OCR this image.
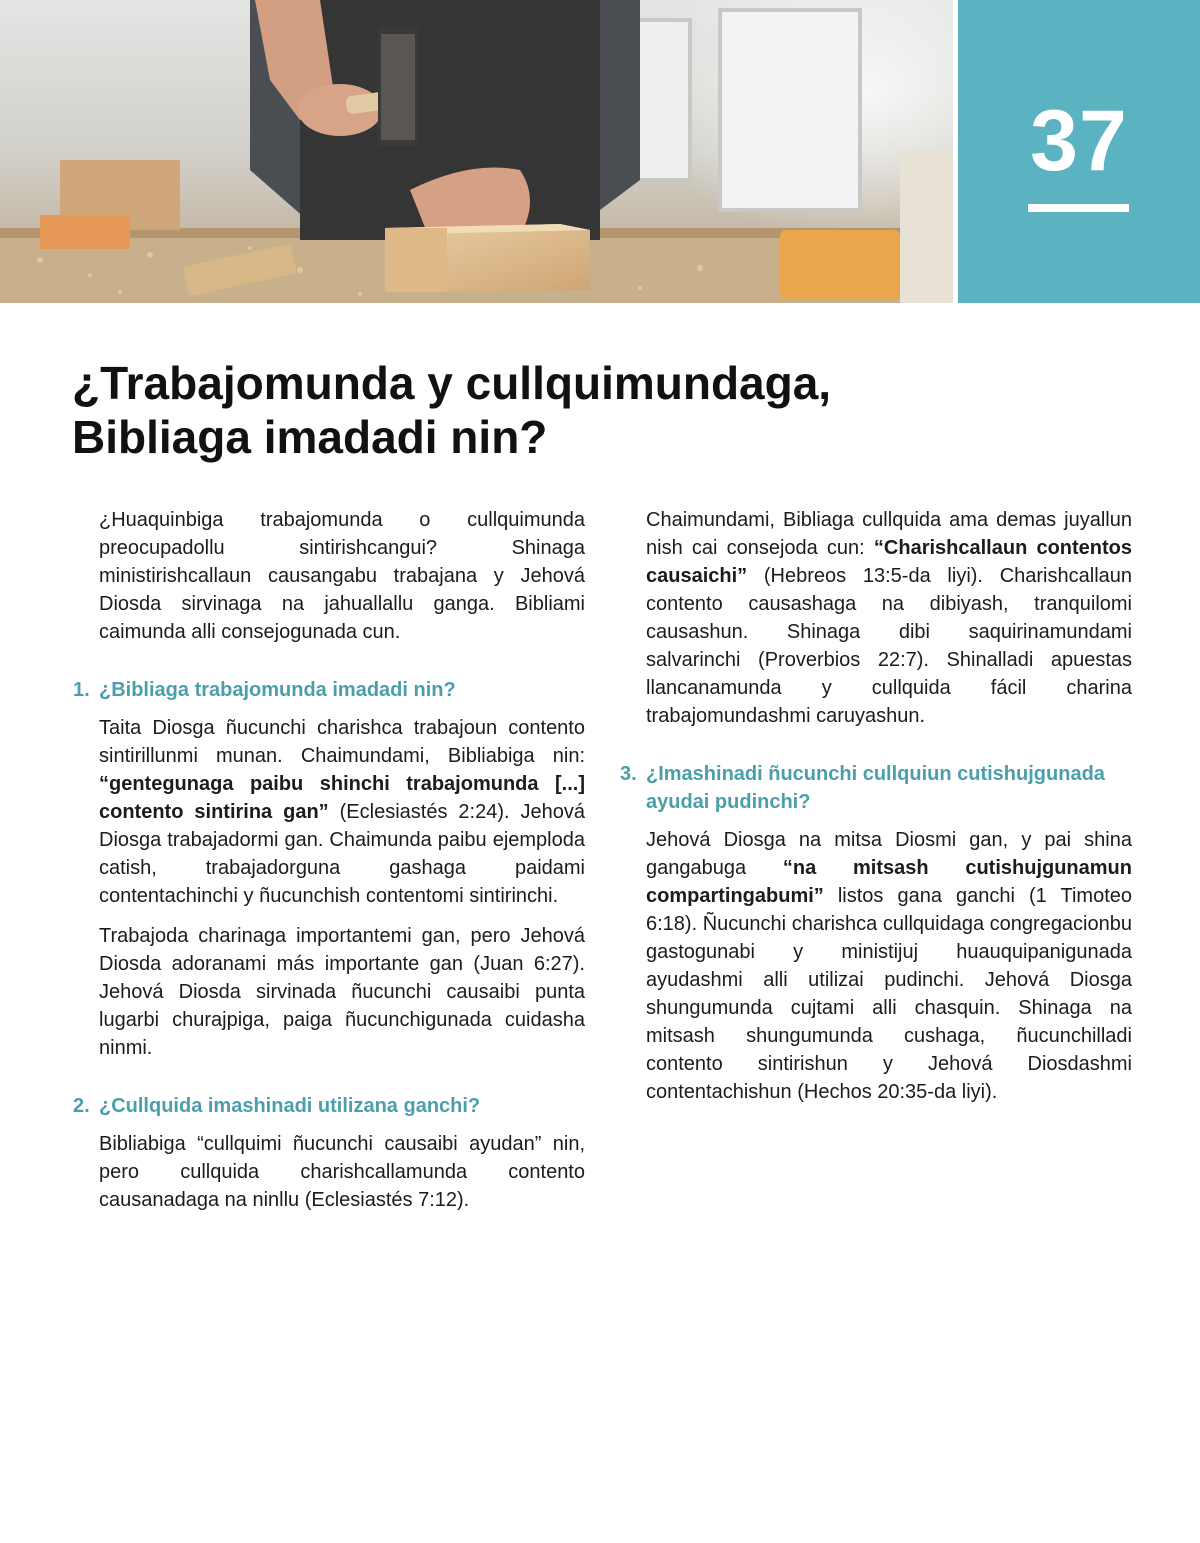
37
¿Trabajomunda y cullquimundaga,
Bibliaga imadadi nin?

¿Huaquinbiga trabajomunda o cullquimunda preocupadollu sintirishcangui? Shinaga ministirishcallaun causangabu trabajana y Jehová Diosda sirvinaga na jahuallallu ganga. Bibliami caimunda alli consejogunada cun.

1. ¿Bibliaga trabajomunda imadadi nin?

Taita Diosga ñucunchi charishca trabajoun contento sintirillunmi munan. Chaimundami, Bibliabiga nin: “gentegunaga paibu shinchi trabajomunda [...] contento sintirina gan” (Eclesiastés 2:24). Jehová Diosga trabajadormi gan. Chaimunda paibu ejemploda catish, trabajadorguna gashaga paidami contentachinchi y ñucunchish contentomi sintirinchi.

Trabajoda charinaga importantemi gan, pero Jehová Diosda adoranami más importante gan (Juan 6:27). Jehová Diosda sirvinada ñucunchi causaibi punta lugarbi churajpiga, paiga ñucunchigunada cuidasha ninmi.

2. ¿Cullquida imashinadi utilizana ganchi?

Bibliabiga “cullquimi ñucunchi causaibi ayudan” nin, pero cullquida charishcallamunda contento causanadaga na ninllu (Eclesiastés 7:12).

Chaimundami, Bibliaga cullquida ama demas juyallun nish cai consejoda cun: “Charishcallaun contentos causaichi” (Hebreos 13:5-da liyi). Charishcallaun contento causashaga na dibiyash, tranquilomi causashun. Shinaga dibi saquirinamundami salvarinchi (Proverbios 22:7). Shinalladi apuestas llancanamunda y cullquida fácil charina trabajomundashmi caruyashun.

3. ¿Imashinadi ñucunchi cullquiun cutishujgunada ayudai pudinchi?

Jehová Diosga na mitsa Diosmi gan, y pai shina gangabuga “na mitsash cutishujgunamun compartingabumi” listos gana ganchi (1 Timoteo 6:18). Ñucunchi charishca cullquidaga congregacionbu gastogunabi y ministijuj huauquipanigunada ayudashmi alli utilizai pudinchi. Jehová Diosga shungumunda cujtami alli chasquin. Shinaga na mitsash shungumunda cushaga, ñucunchilladi contento sintirishun y Jehová Diosdashmi contentachishun (Hechos 20:35-da liyi).
